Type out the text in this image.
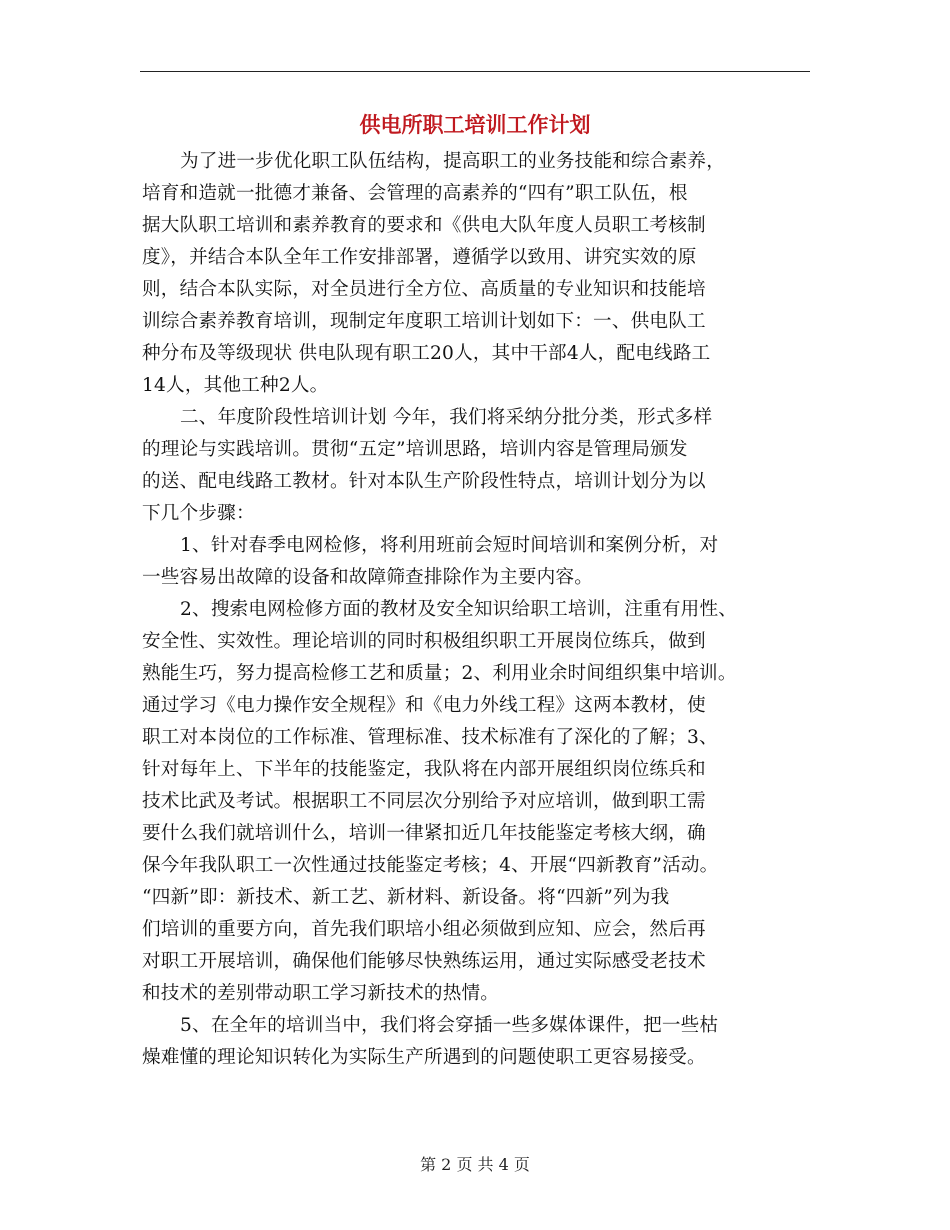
供电所职工培训工作计划
为了进一步优化职工队伍结构，提高职工的业务技能和综合素养，
培育和造就一批德才兼备、会管理的高素养的“四有”职工队伍，根
据大队职工培训和素养教育的要求和《供电大队年度人员职工考核制
度》，并结合本队全年工作安排部署，遵循学以致用、讲究实效的原
则，结合本队实际，对全员进行全方位、高质量的专业知识和技能培
训综合素养教育培训，现制定年度职工培训计划如下：一、供电队工
种分布及等级现状 供电队现有职工20人，其中干部4人，配电线路工
14人，其他工种2人。
二、年度阶段性培训计划 今年，我们将采纳分批分类，形式多样
的理论与实践培训。贯彻“五定”培训思路，培训内容是管理局颁发
的送、配电线路工教材。针对本队生产阶段性特点，培训计划分为以
下几个步骤：
1、针对春季电网检修，将利用班前会短时间培训和案例分析，对
一些容易出故障的设备和故障筛查排除作为主要内容。
2、搜索电网检修方面的教材及安全知识给职工培训，注重有用性、
安全性、实效性。理论培训的同时积极组织职工开展岗位练兵，做到
熟能生巧，努力提高检修工艺和质量；2、利用业余时间组织集中培训。
通过学习《电力操作安全规程》和《电力外线工程》这两本教材，使
职工对本岗位的工作标准、管理标准、技术标准有了深化的了解；3、
针对每年上、下半年的技能鉴定，我队将在内部开展组织岗位练兵和
技术比武及考试。根据职工不同层次分别给予对应培训，做到职工需
要什么我们就培训什么，培训一律紧扣近几年技能鉴定考核大纲，确
保今年我队职工一次性通过技能鉴定考核；4、开展“四新教育”活动。
“四新”即：新技术、新工艺、新材料、新设备。将“四新”列为我
们培训的重要方向，首先我们职培小组必须做到应知、应会，然后再
对职工开展培训，确保他们能够尽快熟练运用，通过实际感受老技术
和技术的差别带动职工学习新技术的热情。
5、在全年的培训当中，我们将会穿插一些多媒体课件，把一些枯
燥难懂的理论知识转化为实际生产所遇到的问题使职工更容易接受。
第 2 页 共 4 页
